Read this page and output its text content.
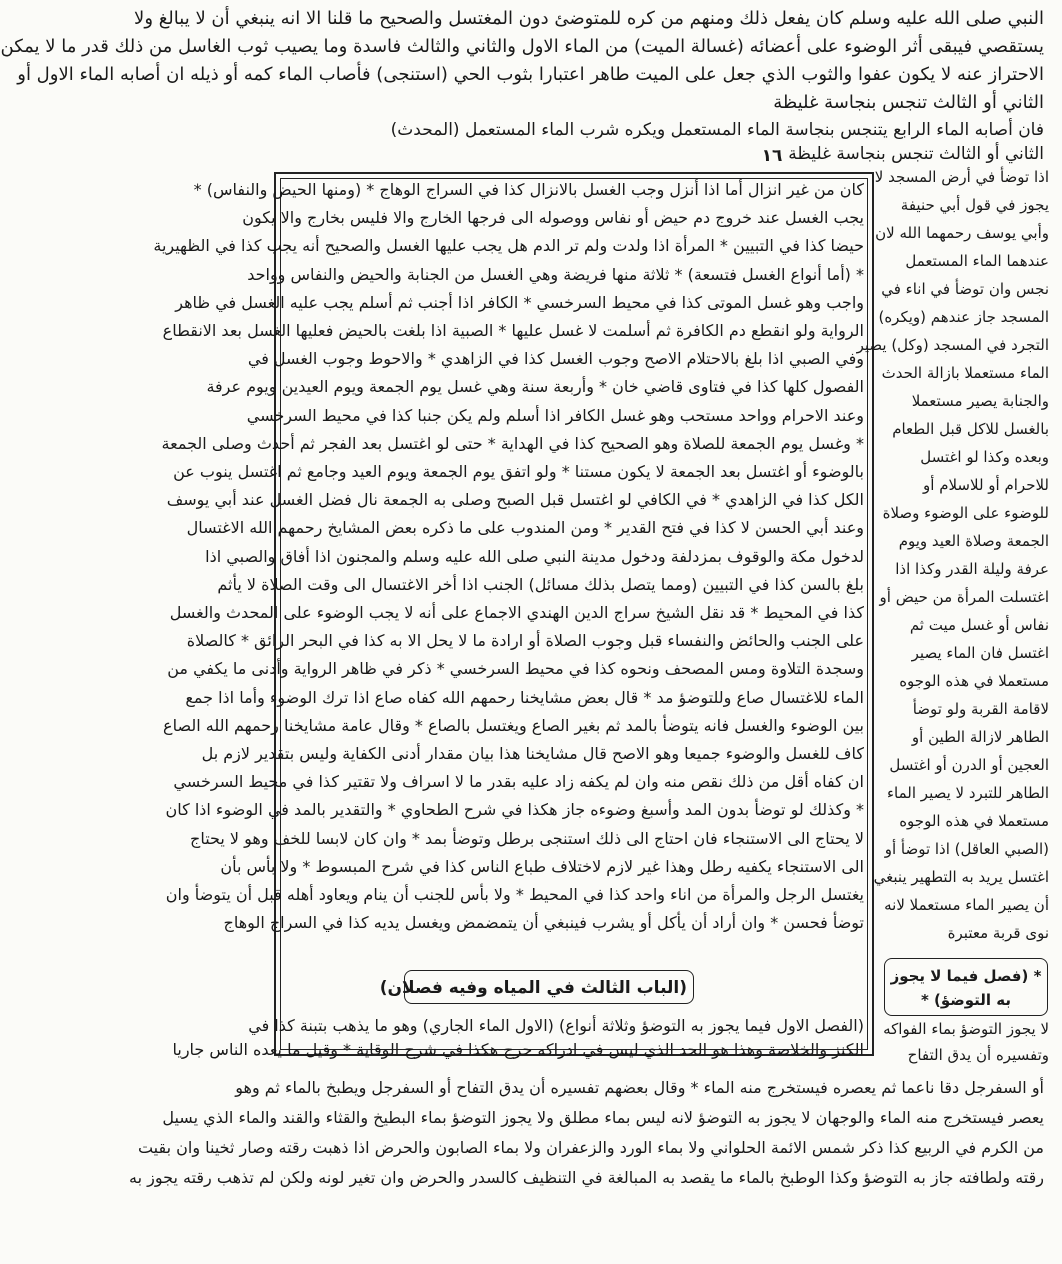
النبي صلى الله عليه وسلم كان يفعل ذلك ومنهم من كره للمتوضئ دون المغتسل والصحيح ما قلنا الا انه ينبغي أن لا يبالغ ولا
يستقصي فيبقى أثر الوضوء على أعضائه (غسالة الميت) من الماء الاول والثاني والثالث فاسدة وما يصيب ثوب الغاسل من ذلك قدر ما لا يمكن
الاحتراز عنه لا يكون عفوا والثوب الذي جعل على الميت طاهر اعتبارا بثوب الحي (استنجى) فأصاب الماء كمه أو ذيله ان أصابه الماء الاول أو
الثاني أو الثالث تنجس بنجاسة غليظة
فان أصابه الماء الرابع يتنجس بنجاسة الماء المستعمل ويكره شرب الماء المستعمل (المحدث)
الثاني أو الثالث تنجس بنجاسة غليظة
١٦
كان من غير انزال أما اذا أنزل وجب الغسل بالانزال كذا في السراج الوهاج * (ومنها الحيض والنفاس) *
يجب الغسل عند خروج دم حيض أو نفاس ووصوله الى فرجها الخارج والا فليس بخارج والا يكون
حيضا كذا في التبيين * المرأة اذا ولدت ولم تر الدم هل يجب عليها الغسل والصحيح أنه يجب كذا في الظهيرية
* (أما أنواع الغسل فتسعة) * ثلاثة منها فريضة وهي الغسل من الجنابة والحيض والنفاس وواحد
واجب وهو غسل الموتى كذا في محيط السرخسي * الكافر اذا أجنب ثم أسلم يجب عليه الغسل في ظاهر
الرواية ولو انقطع دم الكافرة ثم أسلمت لا غسل عليها * الصبية اذا بلغت بالحيض فعليها الغسل بعد الانقطاع
وفي الصبي اذا بلغ بالاحتلام الاصح وجوب الغسل كذا في الزاهدي * والاحوط وجوب الغسل في
الفصول كلها كذا في فتاوى قاضي خان * وأربعة سنة وهي غسل يوم الجمعة ويوم العيدين ويوم عرفة
وعند الاحرام وواحد مستحب وهو غسل الكافر اذا أسلم ولم يكن جنبا كذا في محيط السرخسي
* وغسل يوم الجمعة للصلاة وهو الصحيح كذا في الهداية * حتى لو اغتسل بعد الفجر ثم أحدث وصلى الجمعة
بالوضوء أو اغتسل بعد الجمعة لا يكون مستنا * ولو اتفق يوم الجمعة ويوم العيد وجامع ثم اغتسل ينوب عن
الكل كذا في الزاهدي * في الكافي لو اغتسل قبل الصبح وصلى به الجمعة نال فضل الغسل عند أبي يوسف
وعند أبي الحسن لا كذا في فتح القدير * ومن المندوب على ما ذكره بعض المشايخ رحمهم الله الاغتسال
لدخول مكة والوقوف بمزدلفة ودخول مدينة النبي صلى الله عليه وسلم والمجنون اذا أفاق والصبي اذا
بلغ بالسن كذا في التبيين (ومما يتصل بذلك مسائل) الجنب اذا أخر الاغتسال الى وقت الصلاة لا يأثم
كذا في المحيط * قد نقل الشيخ سراج الدين الهندي الاجماع على أنه لا يجب الوضوء على المحدث والغسل
على الجنب والحائض والنفساء قبل وجوب الصلاة أو ارادة ما لا يحل الا به كذا في البحر الرائق * كالصلاة
وسجدة التلاوة ومس المصحف ونحوه كذا في محيط السرخسي * ذكر في ظاهر الرواية وأدنى ما يكفي من
الماء للاغتسال صاع وللتوضؤ مد * قال بعض مشايخنا رحمهم الله كفاه صاع اذا ترك الوضوء وأما اذا جمع
بين الوضوء والغسل فانه يتوضأ بالمد ثم بغير الصاع ويغتسل بالصاع * وقال عامة مشايخنا رحمهم الله الصاع
كاف للغسل والوضوء جميعا وهو الاصح قال مشايخنا هذا بيان مقدار أدنى الكفاية وليس بتقدير لازم بل
ان كفاه أقل من ذلك نقص منه وان لم يكفه زاد عليه بقدر ما لا اسراف ولا تقتير كذا في محيط السرخسي
* وكذلك لو توضأ بدون المد وأسبغ وضوءه جاز هكذا في شرح الطحاوي * والتقدير بالمد في الوضوء اذا كان
لا يحتاج الى الاستنجاء فان احتاج الى ذلك استنجى برطل وتوضأ بمد * وان كان لابسا للخف وهو لا يحتاج
الى الاستنجاء يكفيه رطل وهذا غير لازم لاختلاف طباع الناس كذا في شرح المبسوط * ولا بأس بأن
يغتسل الرجل والمرأة من اناء واحد كذا في المحيط * ولا بأس للجنب أن ينام ويعاود أهله قبل أن يتوضأ وان
توضأ فحسن * وان أراد أن يأكل أو يشرب فينبغي أن يتمضمض ويغسل يديه كذا في السراج الوهاج
(الباب الثالث في المياه وفيه فصلان)
(الفصل الاول فيما يجوز به التوضؤ وثلاثة أنواع) (الاول الماء الجاري) وهو ما يذهب بتبنة كذا في
الكنز والخلاصة وهذا هو الحد الذي ليس في ادراكه حرج هكذا في شرح الوقاية * وقيل ما يعده الناس جاريا
اذا توضأ في أرض المسجد لا
يجوز في قول أبي حنيفة
وأبي يوسف رحمهما الله لان
عندهما الماء المستعمل
نجس وان توضأ في اناء في
المسجد جاز عندهم (ويكره)
التجرد في المسجد (وكل) يصير
الماء مستعملا بازالة الحدث
والجنابة يصير مستعملا
بالغسل للاكل قبل الطعام
وبعده وكذا لو اغتسل
للاحرام أو للاسلام أو
للوضوء على الوضوء وصلاة
الجمعة وصلاة العيد ويوم
عرفة وليلة القدر وكذا اذا
اغتسلت المرأة من حيض أو
نفاس أو غسل ميت ثم
اغتسل فان الماء يصير
مستعملا في هذه الوجوه
لاقامة القربة ولو توضأ
الطاهر لازالة الطين أو
العجين أو الدرن أو اغتسل
الطاهر للتبرد لا يصير الماء
مستعملا في هذه الوجوه
(الصبي العاقل) اذا توضأ أو
اغتسل يريد به التطهير ينبغي
أن يصير الماء مستعملا لانه
نوى قربة معتبرة
* (فصل فيما لا يجوز
به التوضؤ) *
لا يجوز التوضؤ بماء الفواكه
وتفسيره أن يدق التفاح
أو السفرجل دقا ناعما ثم يعصره فيستخرج منه الماء * وقال بعضهم تفسيره أن يدق التفاح أو السفرجل ويطبخ بالماء ثم وهو
يعصر فيستخرج منه الماء والوجهان لا يجوز به التوضؤ لانه ليس بماء مطلق ولا يجوز التوضؤ بماء البطيخ والقثاء والقند والماء الذي يسيل
من الكرم في الربيع كذا ذكر شمس الائمة الحلواني ولا بماء الورد والزعفران ولا بماء الصابون والحرض اذا ذهبت رقته وصار ثخينا وان بقيت
رقته ولطافته جاز به التوضؤ وكذا الوطبخ بالماء ما يقصد به المبالغة في التنظيف كالسدر والحرض وان تغير لونه ولكن لم تذهب رقته يجوز به
